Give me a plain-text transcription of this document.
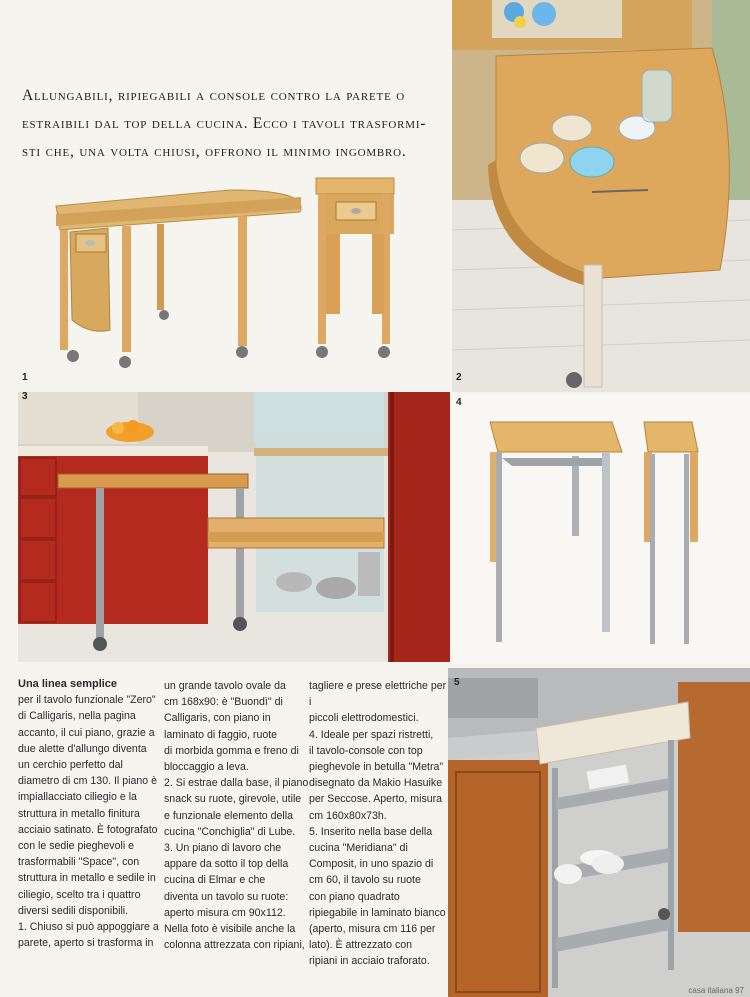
Allungabili, ripiegabili a console contro la parete o

estraibili dal top della cucina. Ecco i tavoli trasformi-

sti che, una volta chiusi, offrono il minimo ingombro.

1	2
3
4
5

Una linea semplice

per il tavolo funzionale "Zero"

di Calligaris, nella pagina

accanto, il cui piano, grazie a

due alette d'allungo diventa

un cerchio perfetto dal

diametro di cm 130. Il piano è

impiallacciato ciliegio e la

struttura in metallo finitura

acciaio satinato. È fotografato

con le sedie pieghevoli e

trasformabili "Space", con

struttura in metallo e sedile in

ciliegio, scelto tra i quattro

diversi sedili disponibili.

1. Chiuso si può appoggiare a

parete, aperto si trasforma in

un grande tavolo ovale da

cm 168x90: è "Buondì" di

Calligaris, con piano in

laminato di faggio, ruote

di morbida gomma e freno di

bloccaggio a leva.

2. Si estrae dalla base, il piano

snack su ruote, girevole, utile

e funzionale elemento della

cucina "Conchiglia" di Lube.

3. Un piano di lavoro che

appare da sotto il top della

cucina di Elmar e che

diventa un tavolo su ruote:

aperto misura cm 90x112.

Nella foto è visibile anche la

colonna attrezzata con ripiani,

tagliere e prese elettriche per i

piccoli elettrodomestici.

4. Ideale per spazi ristretti,

il tavolo-console con top

pieghevole in betulla "Metra"

disegnato da Makio Hasuike

per Seccose. Aperto, misura

cm 160x80x73h.

5. Inserito nella base della

cucina "Meridiana" di

Composit, in uno spazio di

cm 60, il tavolo su ruote

con piano quadrato

ripiegabile in laminato bianco

(aperto, misura cm 116 per

lato). È attrezzato con

ripiani in acciaio traforato.

casa italiana 97
